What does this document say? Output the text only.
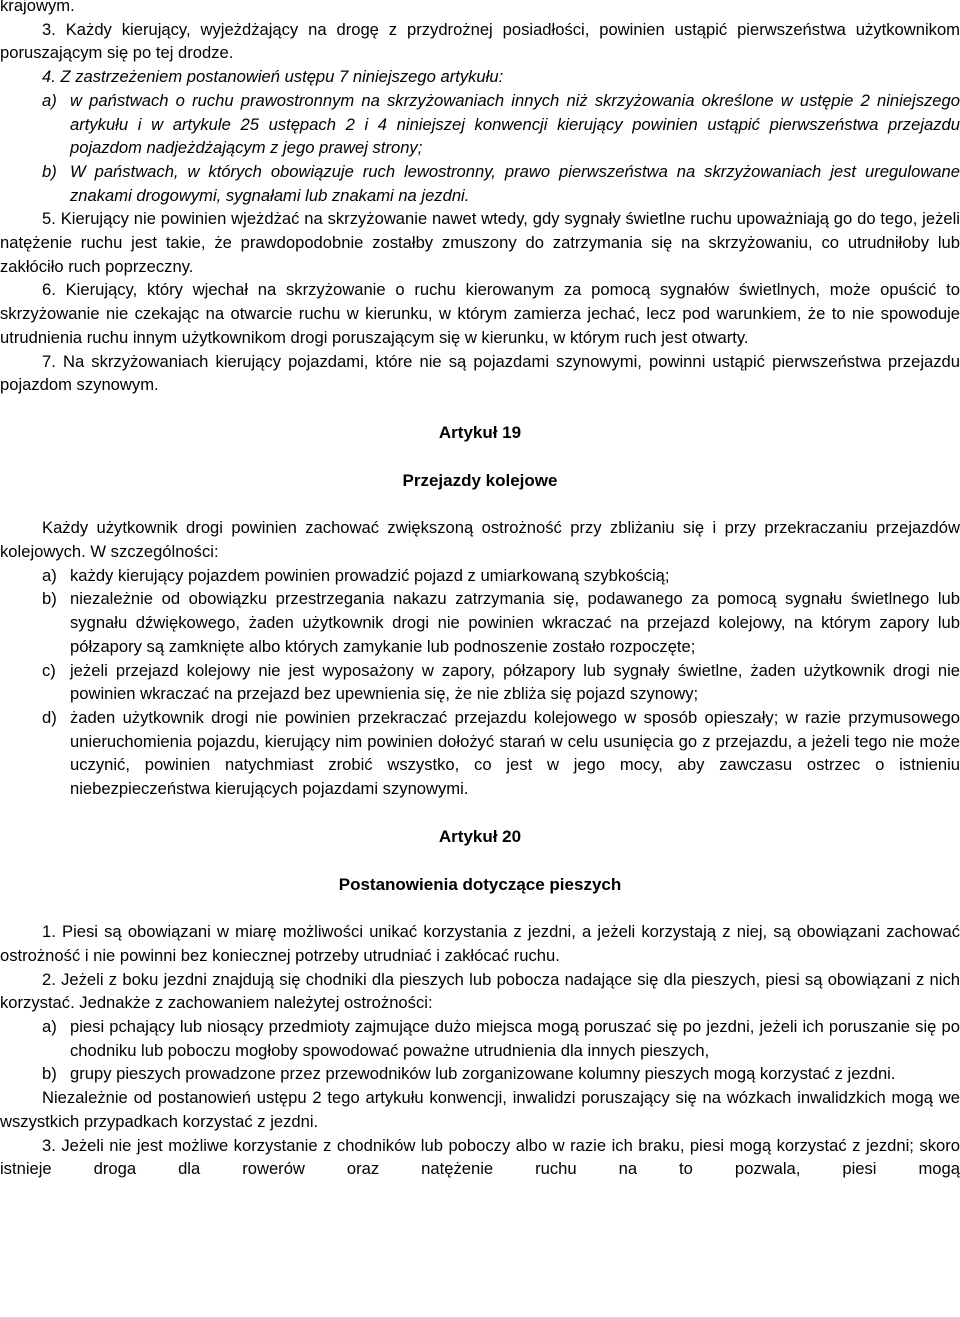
krajowym.

3. Każdy kierujący, wyjeżdżający na drogę z przydrożnej posiadłości, powinien ustąpić pierwszeństwa użytkownikom poruszającym się po tej drodze.

4. Z zastrzeżeniem postanowień ustępu 7 niniejszego artykułu:

a) w państwach o ruchu prawostronnym na skrzyżowaniach innych niż skrzyżowania określone w ustępie 2 niniejszego artykułu i w artykule 25 ustępach 2 i 4 niniejszej konwencji kierujący powinien ustąpić pierwszeństwa przejazdu pojazdom nadjeżdżającym z jego prawej strony;
b) W państwach, w których obowiązuje ruch lewostronny, prawo pierwszeństwa na skrzyżowaniach jest uregulowane znakami drogowymi, sygnałami lub znakami na jezdni.

5. Kierujący nie powinien wjeżdżać na skrzyżowanie nawet wtedy, gdy sygnały świetlne ruchu upoważniają go do tego, jeżeli natężenie ruchu jest takie, że prawdopodobnie zostałby zmuszony do zatrzymania się na skrzyżowaniu, co utrudniłoby lub zakłóciło ruch poprzeczny.

6. Kierujący, który wjechał na skrzyżowanie o ruchu kierowanym za pomocą sygnałów świetlnych, może opuścić to skrzyżowanie nie czekając na otwarcie ruchu w kierunku, w którym zamierza jechać, lecz pod warunkiem, że to nie spowoduje utrudnienia ruchu innym użytkownikom drogi poruszającym się w kierunku, w którym ruch jest otwarty.

7. Na skrzyżowaniach kierujący pojazdami, które nie są pojazdami szynowymi, powinni ustąpić pierwszeństwa przejazdu pojazdom szynowym.

Artykuł 19
Przejazdy kolejowe

Każdy użytkownik drogi powinien zachować zwiększoną ostrożność przy zbliżaniu się i przy przekraczaniu przejazdów kolejowych. W szczególności:

a) każdy kierujący pojazdem powinien prowadzić pojazd z umiarkowaną szybkością;
b) niezależnie od obowiązku przestrzegania nakazu zatrzymania się, podawanego za pomocą sygnału świetlnego lub sygnału dźwiękowego, żaden użytkownik drogi nie powinien wkraczać na przejazd kolejowy, na którym zapory lub półzapory są zamknięte albo których zamykanie lub podnoszenie zostało rozpoczęte;
c) jeżeli przejazd kolejowy nie jest wyposażony w zapory, półzapory lub sygnały świetlne, żaden użytkownik drogi nie powinien wkraczać na przejazd bez upewnienia się, że nie zbliża się pojazd szynowy;
d) żaden użytkownik drogi nie powinien przekraczać przejazdu kolejowego w sposób opieszały; w razie przymusowego unieruchomienia pojazdu, kierujący nim powinien dołożyć starań w celu usunięcia go z przejazdu, a jeżeli tego nie może uczynić, powinien natychmiast zrobić wszystko, co jest w jego mocy, aby zawczasu ostrzec o istnieniu niebezpieczeństwa kierujących pojazdami szynowymi.
Artykuł 20
Postanowienia dotyczące pieszych

1. Piesi są obowiązani w miarę możliwości unikać korzystania z jezdni, a jeżeli korzystają z niej, są obowiązani zachować ostrożność i nie powinni bez koniecznej potrzeby utrudniać i zakłócać ruchu.

2. Jeżeli z boku jezdni znajdują się chodniki dla pieszych lub pobocza nadające się dla pieszych, piesi są obowiązani z nich korzystać. Jednakże z zachowaniem należytej ostrożności:

a) piesi pchający lub niosący przedmioty zajmujące dużo miejsca mogą poruszać się po jezdni, jeżeli ich poruszanie się po chodniku lub poboczu mogłoby spowodować poważne utrudnienia dla innych pieszych,
b) grupy pieszych prowadzone przez przewodników lub zorganizowane kolumny pieszych mogą korzystać z jezdni.

Niezależnie od postanowień ustępu 2 tego artykułu konwencji, inwalidzi poruszający się na wózkach inwalidzkich mogą we wszystkich przypadkach korzystać z jezdni.

3. Jeżeli nie jest możliwe korzystanie z chodników lub poboczy albo w razie ich braku, piesi mogą korzystać z jezdni; skoro istnieje droga dla rowerów oraz natężenie ruchu na to pozwala, piesi mogą
